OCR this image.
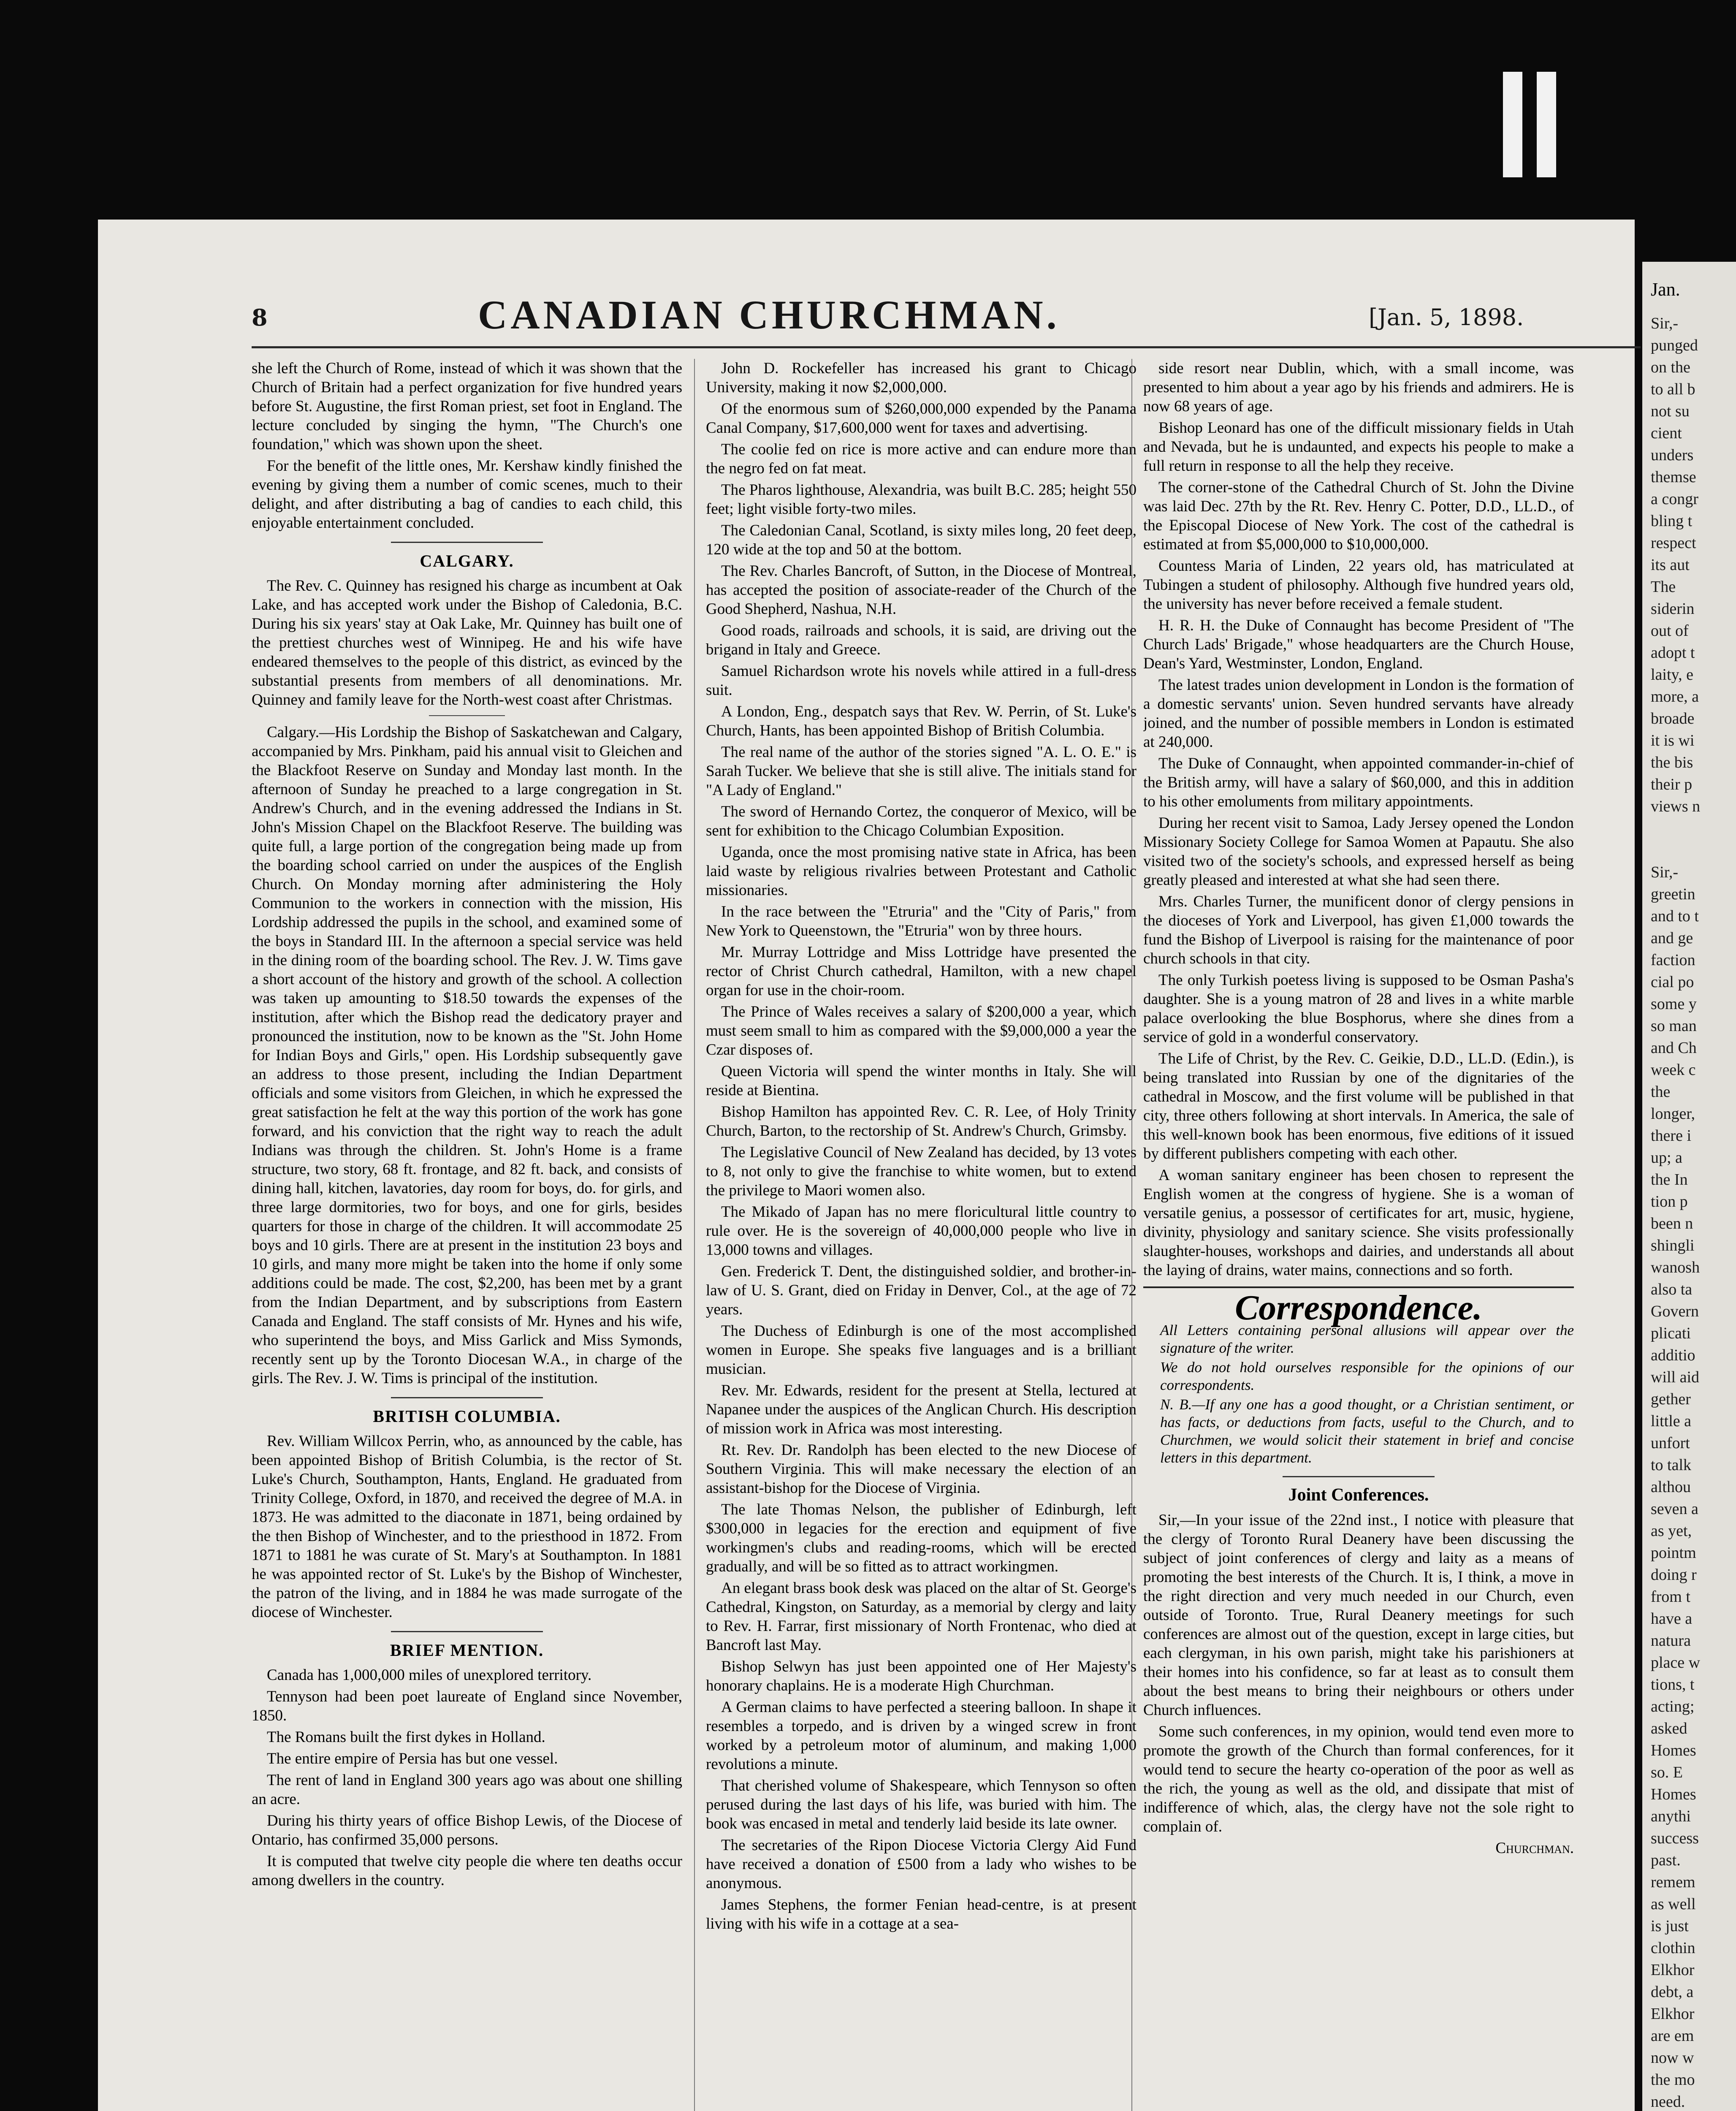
Jan.

Sir,-

punged

on the

to all b

not su

cient

unders

themse

a congr

bling t

respect

its aut

The

siderin

out of

adopt t

laity, e

more, a

broade

it is wi

the bis

their p

views n

Sir,-

greetin

and to t

and ge

faction

cial po

some y

so man

and Ch

week c

the

longer,

there i

up; a

the In

tion p

been n

shingli

wanosh

also ta

Govern

plicati

additio

will aid

gether

little a

unfort

to talk

althou

seven a

as yet,

pointm

doing r

from t

have a

natura

place w

tions, t

acting;

asked

Homes

so. E

Homes

anythi

success

past.

remem

as well

is just

clothin

Elkhor

debt, a

Elkhor

are em

now w

the mo

need.

8	CANADIAN CHURCHMAN.	[Jan. 5, 1898.

she left the Church of Rome, instead of which it was shown that the Church of Britain had a perfect organization for five hundred years before St. Augustine, the first Roman priest, set foot in England. The lecture concluded by singing the hymn, "The Church's one foundation," which was shown upon the sheet.

For the benefit of the little ones, Mr. Kershaw kindly finished the evening by giving them a number of comic scenes, much to their delight, and after distributing a bag of candies to each child, this enjoyable entertainment concluded.

CALGARY.

The Rev. C. Quinney has resigned his charge as incumbent at Oak Lake, and has accepted work under the Bishop of Caledonia, B.C. During his six years' stay at Oak Lake, Mr. Quinney has built one of the prettiest churches west of Winnipeg. He and his wife have endeared themselves to the people of this district, as evinced by the substantial presents from members of all denominations. Mr. Quinney and family leave for the North-west coast after Christmas.

Calgary.—His Lordship the Bishop of Saskatchewan and Calgary, accompanied by Mrs. Pinkham, paid his annual visit to Gleichen and the Blackfoot Reserve on Sunday and Monday last month. In the afternoon of Sunday he preached to a large congregation in St. Andrew's Church, and in the evening addressed the Indians in St. John's Mission Chapel on the Blackfoot Reserve. The building was quite full, a large portion of the congregation being made up from the boarding school carried on under the auspices of the English Church. On Monday morning after administering the Holy Communion to the workers in connection with the mission, His Lordship addressed the pupils in the school, and examined some of the boys in Standard III. In the afternoon a special service was held in the dining room of the boarding school. The Rev. J. W. Tims gave a short account of the history and growth of the school. A collection was taken up amounting to $18.50 towards the expenses of the institution, after which the Bishop read the dedicatory prayer and pronounced the institution, now to be known as the "St. John Home for Indian Boys and Girls," open. His Lordship subsequently gave an address to those present, including the Indian Department officials and some visitors from Gleichen, in which he expressed the great satisfaction he felt at the way this portion of the work has gone forward, and his conviction that the right way to reach the adult Indians was through the children. St. John's Home is a frame structure, two story, 68 ft. frontage, and 82 ft. back, and consists of dining hall, kitchen, lavatories, day room for boys, do. for girls, and three large dormitories, two for boys, and one for girls, besides quarters for those in charge of the children. It will accommodate 25 boys and 10 girls. There are at present in the institution 23 boys and 10 girls, and many more might be taken into the home if only some additions could be made. The cost, $2,200, has been met by a grant from the Indian Department, and by subscriptions from Eastern Canada and England. The staff consists of Mr. Hynes and his wife, who superintend the boys, and Miss Garlick and Miss Symonds, recently sent up by the Toronto Diocesan W.A., in charge of the girls. The Rev. J. W. Tims is principal of the institution.

BRITISH COLUMBIA.

Rev. William Willcox Perrin, who, as announced by the cable, has been appointed Bishop of British Columbia, is the rector of St. Luke's Church, Southampton, Hants, England. He graduated from Trinity College, Oxford, in 1870, and received the degree of M.A. in 1873. He was admitted to the diaconate in 1871, being ordained by the then Bishop of Winchester, and to the priesthood in 1872. From 1871 to 1881 he was curate of St. Mary's at Southampton. In 1881 he was appointed rector of St. Luke's by the Bishop of Winchester, the patron of the living, and in 1884 he was made surrogate of the diocese of Winchester.

BRIEF MENTION.

Canada has 1,000,000 miles of unexplored territory.

Tennyson had been poet laureate of England since November, 1850.

The Romans built the first dykes in Holland.

The entire empire of Persia has but one vessel.

The rent of land in England 300 years ago was about one shilling an acre.

During his thirty years of office Bishop Lewis, of the Diocese of Ontario, has confirmed 35,000 persons.

It is computed that twelve city people die where ten deaths occur among dwellers in the country.

John D. Rockefeller has increased his grant to Chicago University, making it now $2,000,000.

Of the enormous sum of $260,000,000 expended by the Panama Canal Company, $17,600,000 went for taxes and advertising.

The coolie fed on rice is more active and can endure more than the negro fed on fat meat.

The Pharos lighthouse, Alexandria, was built B.C. 285; height 550 feet; light visible forty-two miles.

The Caledonian Canal, Scotland, is sixty miles long, 20 feet deep, 120 wide at the top and 50 at the bottom.

The Rev. Charles Bancroft, of Sutton, in the Diocese of Montreal, has accepted the position of associate-reader of the Church of the Good Shepherd, Nashua, N.H.

Good roads, railroads and schools, it is said, are driving out the brigand in Italy and Greece.

Samuel Richardson wrote his novels while attired in a full-dress suit.

A London, Eng., despatch says that Rev. W. Perrin, of St. Luke's Church, Hants, has been appointed Bishop of British Columbia.

The real name of the author of the stories signed "A. L. O. E." is Sarah Tucker. We believe that she is still alive. The initials stand for "A Lady of England."

The sword of Hernando Cortez, the conqueror of Mexico, will be sent for exhibition to the Chicago Columbian Exposition.

Uganda, once the most promising native state in Africa, has been laid waste by religious rivalries between Protestant and Catholic missionaries.

In the race between the "Etruria" and the "City of Paris," from New York to Queenstown, the "Etruria" won by three hours.

Mr. Murray Lottridge and Miss Lottridge have presented the rector of Christ Church cathedral, Hamilton, with a new chapel organ for use in the choir-room.

The Prince of Wales receives a salary of $200,000 a year, which must seem small to him as compared with the $9,000,000 a year the Czar disposes of.

Queen Victoria will spend the winter months in Italy. She will reside at Bientina.

Bishop Hamilton has appointed Rev. C. R. Lee, of Holy Trinity Church, Barton, to the rectorship of St. Andrew's Church, Grimsby.

The Legislative Council of New Zealand has decided, by 13 votes to 8, not only to give the franchise to white women, but to extend the privilege to Maori women also.

The Mikado of Japan has no mere floricultural little country to rule over. He is the sovereign of 40,000,000 people who live in 13,000 towns and villages.

Gen. Frederick T. Dent, the distinguished soldier, and brother-in-law of U. S. Grant, died on Friday in Denver, Col., at the age of 72 years.

The Duchess of Edinburgh is one of the most accomplished women in Europe. She speaks five languages and is a brilliant musician.

Rev. Mr. Edwards, resident for the present at Stella, lectured at Napanee under the auspices of the Anglican Church. His description of mission work in Africa was most interesting.

Rt. Rev. Dr. Randolph has been elected to the new Diocese of Southern Virginia. This will make necessary the election of an assistant-bishop for the Diocese of Virginia.

The late Thomas Nelson, the publisher of Edinburgh, left $300,000 in legacies for the erection and equipment of five workingmen's clubs and reading-rooms, which will be erected gradually, and will be so fitted as to attract workingmen.

An elegant brass book desk was placed on the altar of St. George's Cathedral, Kingston, on Saturday, as a memorial by clergy and laity to Rev. H. Farrar, first missionary of North Frontenac, who died at Bancroft last May.

Bishop Selwyn has just been appointed one of Her Majesty's honorary chaplains. He is a moderate High Churchman.

A German claims to have perfected a steering balloon. In shape it resembles a torpedo, and is driven by a winged screw in front worked by a petroleum motor of aluminum, and making 1,000 revolutions a minute.

That cherished volume of Shakespeare, which Tennyson so often perused during the last days of his life, was buried with him. The book was encased in metal and tenderly laid beside its late owner.

The secretaries of the Ripon Diocese Victoria Clergy Aid Fund have received a donation of £500 from a lady who wishes to be anonymous.

James Stephens, the former Fenian head-centre, is at present living with his wife in a cottage at a sea-

side resort near Dublin, which, with a small income, was presented to him about a year ago by his friends and admirers. He is now 68 years of age.

Bishop Leonard has one of the difficult missionary fields in Utah and Nevada, but he is undaunted, and expects his people to make a full return in response to all the help they receive.

The corner-stone of the Cathedral Church of St. John the Divine was laid Dec. 27th by the Rt. Rev. Henry C. Potter, D.D., LL.D., of the Episcopal Diocese of New York. The cost of the cathedral is estimated at from $5,000,000 to $10,000,000.

Countess Maria of Linden, 22 years old, has matriculated at Tubingen a student of philosophy. Although five hundred years old, the university has never before received a female student.

H. R. H. the Duke of Connaught has become President of "The Church Lads' Brigade," whose headquarters are the Church House, Dean's Yard, Westminster, London, England.

The latest trades union development in London is the formation of a domestic servants' union. Seven hundred servants have already joined, and the number of possible members in London is estimated at 240,000.

The Duke of Connaught, when appointed commander-in-chief of the British army, will have a salary of $60,000, and this in addition to his other emoluments from military appointments.

During her recent visit to Samoa, Lady Jersey opened the London Missionary Society College for Samoa Women at Papautu. She also visited two of the society's schools, and expressed herself as being greatly pleased and interested at what she had seen there.

Mrs. Charles Turner, the munificent donor of clergy pensions in the dioceses of York and Liverpool, has given £1,000 towards the fund the Bishop of Liverpool is raising for the maintenance of poor church schools in that city.

The only Turkish poetess living is supposed to be Osman Pasha's daughter. She is a young matron of 28 and lives in a white marble palace overlooking the blue Bosphorus, where she dines from a service of gold in a wonderful conservatory.

The Life of Christ, by the Rev. C. Geikie, D.D., LL.D. (Edin.), is being translated into Russian by one of the dignitaries of the cathedral in Moscow, and the first volume will be published in that city, three others following at short intervals. In America, the sale of this well-known book has been enormous, five editions of it issued by different publishers competing with each other.

A woman sanitary engineer has been chosen to represent the English women at the congress of hygiene. She is a woman of versatile genius, a possessor of certificates for art, music, hygiene, divinity, physiology and sanitary science. She visits professionally slaughter-houses, workshops and dairies, and understands all about the laying of drains, water mains, connections and so forth.

Correspondence.

All Letters containing personal allusions will appear over the signature of the writer.

We do not hold ourselves responsible for the opinions of our correspondents.

N. B.—If any one has a good thought, or a Christian sentiment, or has facts, or deductions from facts, useful to the Church, and to Churchmen, we would solicit their statement in brief and concise letters in this department.

Joint Conferences.

Sir,—In your issue of the 22nd inst., I notice with pleasure that the clergy of Toronto Rural Deanery have been discussing the subject of joint conferences of clergy and laity as a means of promoting the best interests of the Church. It is, I think, a move in the right direction and very much needed in our Church, even outside of Toronto. True, Rural Deanery meetings for such conferences are almost out of the question, except in large cities, but each clergyman, in his own parish, might take his parishioners at their homes into his confidence, so far at least as to consult them about the best means to bring their neighbours or others under Church influences.

Some such conferences, in my opinion, would tend even more to promote the growth of the Church than formal conferences, for it would tend to secure the hearty co-operation of the poor as well as the rich, the young as well as the old, and dissipate that mist of indifference of which, alas, the clergy have not the sole right to complain of.

Churchman.
